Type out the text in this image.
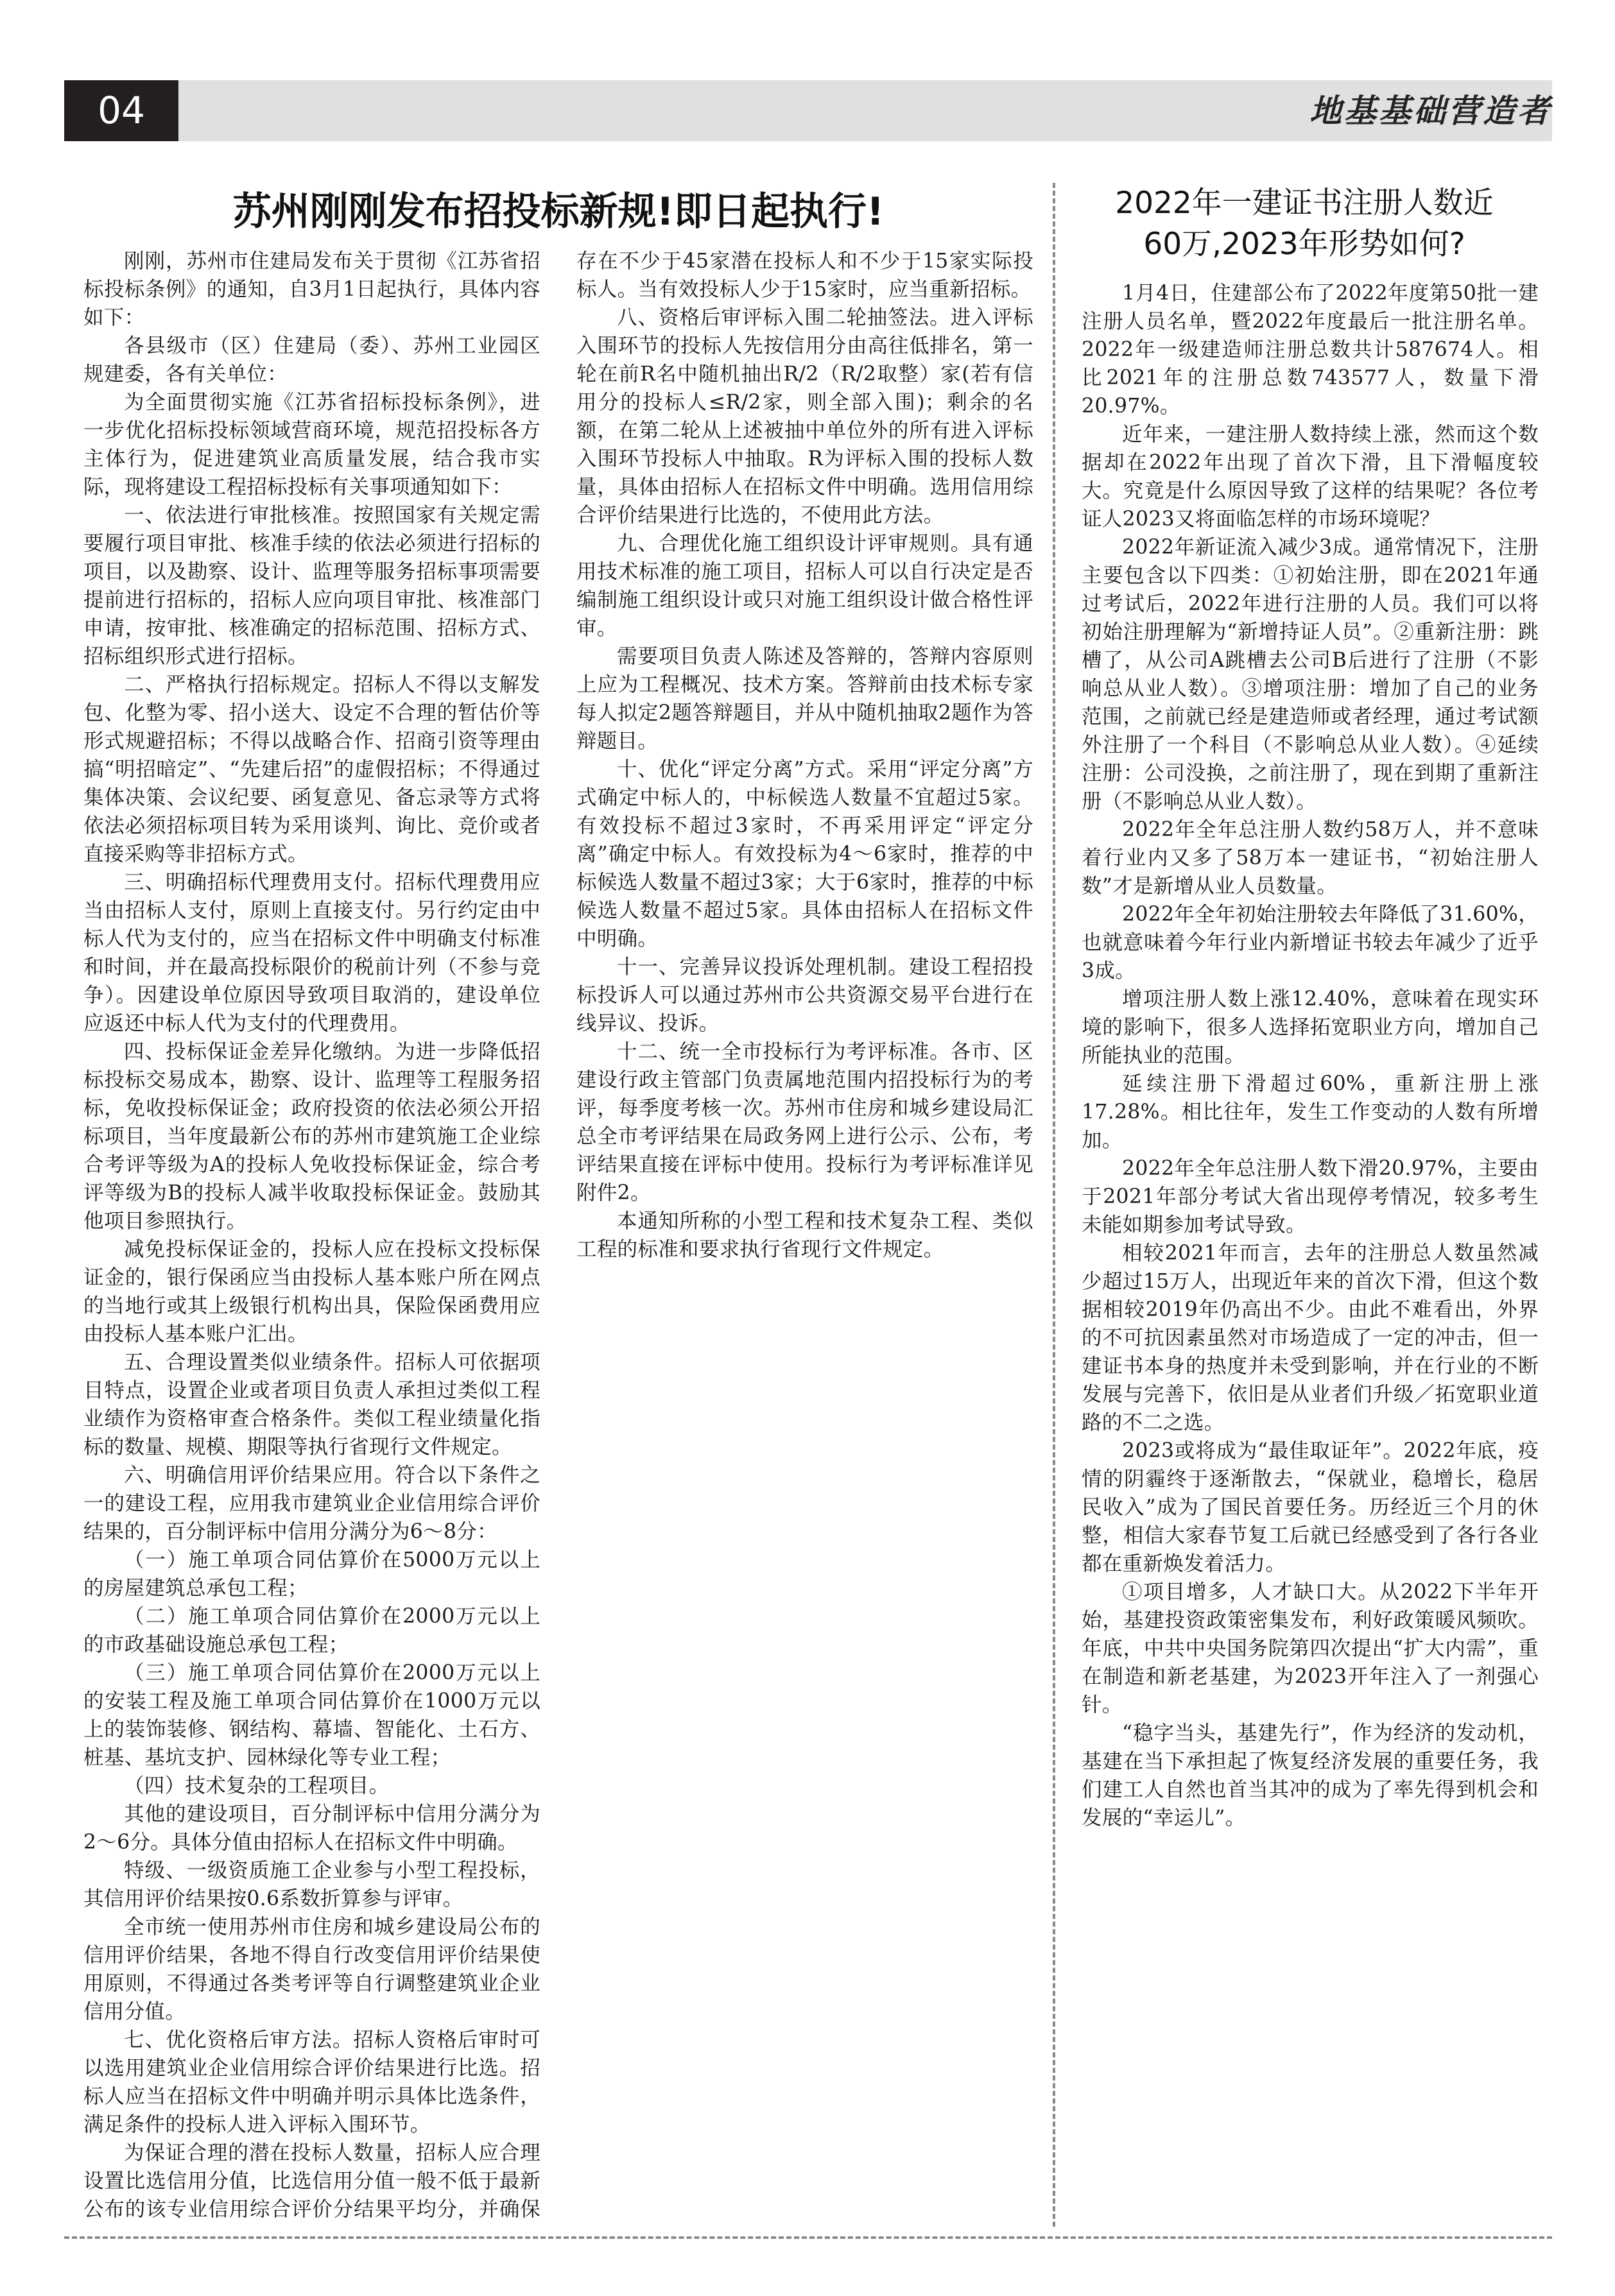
04	地基基础营造者
苏州刚刚发布招投标新规!即日起执行!

刚刚，苏州市住建局发布关于贯彻《江苏省招标投标条例》的通知，自3月1日起执行，具体内容如下：

各县级市（区）住建局（委）、苏州工业园区规建委，各有关单位：

为全面贯彻实施《江苏省招标投标条例》，进一步优化招标投标领域营商环境，规范招投标各方主体行为，促进建筑业高质量发展，结合我市实际，现将建设工程招标投标有关事项通知如下：

一、依法进行审批核准。按照国家有关规定需要履行项目审批、核准手续的依法必须进行招标的项目，以及勘察、设计、监理等服务招标事项需要提前进行招标的，招标人应向项目审批、核准部门申请，按审批、核准确定的招标范围、招标方式、招标组织形式进行招标。

二、严格执行招标规定。招标人不得以支解发包、化整为零、招小送大、设定不合理的暂估价等形式规避招标；不得以战略合作、招商引资等理由搞“明招暗定”、“先建后招”的虚假招标；不得通过集体决策、会议纪要、函复意见、备忘录等方式将依法必须招标项目转为采用谈判、询比、竞价或者直接采购等非招标方式。

三、明确招标代理费用支付。招标代理费用应当由招标人支付，原则上直接支付。另行约定由中标人代为支付的，应当在招标文件中明确支付标准和时间，并在最高投标限价的税前计列（不参与竞争）。因建设单位原因导致项目取消的，建设单位应返还中标人代为支付的代理费用。

四、投标保证金差异化缴纳。为进一步降低招标投标交易成本，勘察、设计、监理等工程服务招标，免收投标保证金；政府投资的依法必须公开招标项目，当年度最新公布的苏州市建筑施工企业综合考评等级为A的投标人免收投标保证金，综合考评等级为B的投标人减半收取投标保证金。鼓励其他项目参照执行。

减免投标保证金的，投标人应在投标文投标保证金的，银行保函应当由投标人基本账户所在网点的当地行或其上级银行机构出具，保险保函费用应由投标人基本账户汇出。

五、合理设置类似业绩条件。招标人可依据项目特点，设置企业或者项目负责人承担过类似工程业绩作为资格审查合格条件。类似工程业绩量化指标的数量、规模、期限等执行省现行文件规定。

六、明确信用评价结果应用。符合以下条件之一的建设工程，应用我市建筑业企业信用综合评价结果的，百分制评标中信用分满分为6～8分：

（一）施工单项合同估算价在5000万元以上的房屋建筑总承包工程；

（二）施工单项合同估算价在2000万元以上的市政基础设施总承包工程；

（三）施工单项合同估算价在2000万元以上的安装工程及施工单项合同估算价在1000万元以上的装饰装修、钢结构、幕墙、智能化、土石方、桩基、基坑支护、园林绿化等专业工程；

（四）技术复杂的工程项目。

其他的建设项目，百分制评标中信用分满分为2～6分。具体分值由招标人在招标文件中明确。

特级、一级资质施工企业参与小型工程投标，其信用评价结果按0.6系数折算参与评审。

全市统一使用苏州市住房和城乡建设局公布的信用评价结果，各地不得自行改变信用评价结果使用原则，不得通过各类考评等自行调整建筑业企业信用分值。

七、优化资格后审方法。招标人资格后审时可以选用建筑业企业信用综合评价结果进行比选。招标人应当在招标文件中明确并明示具体比选条件，满足条件的投标人进入评标入围环节。

为保证合理的潜在投标人数量，招标人应合理设置比选信用分值，比选信用分值一般不低于最新公布的该专业信用综合评价分结果平均分，并确保存在不少于45家潜在投标人和不少于15家实际投标人。当有效投标人少于15家时，应当重新招标。

八、资格后审评标入围二轮抽签法。进入评标入围环节的投标人先按信用分由高往低排名，第一轮在前R名中随机抽出R/2（R/2取整）家(若有信用分的投标人≤R/2家，则全部入围)；剩余的名额，在第二轮从上述被抽中单位外的所有进入评标入围环节投标人中抽取。R为评标入围的投标人数量，具体由招标人在招标文件中明确。选用信用综合评价结果进行比选的，不使用此方法。

九、合理优化施工组织设计评审规则。具有通用技术标准的施工项目，招标人可以自行决定是否编制施工组织设计或只对施工组织设计做合格性评审。

需要项目负责人陈述及答辩的，答辩内容原则上应为工程概况、技术方案。答辩前由技术标专家每人拟定2题答辩题目，并从中随机抽取2题作为答辩题目。

十、优化“评定分离”方式。采用“评定分离”方式确定中标人的，中标候选人数量不宜超过5家。有效投标不超过3家时，不再采用评定“评定分离”确定中标人。有效投标为4～6家时，推荐的中标候选人数量不超过3家；大于6家时，推荐的中标候选人数量不超过5家。具体由招标人在招标文件中明确。

十一、完善异议投诉处理机制。建设工程招投标投诉人可以通过苏州市公共资源交易平台进行在线异议、投诉。

十二、统一全市投标行为考评标准。各市、区建设行政主管部门负责属地范围内招投标行为的考评，每季度考核一次。苏州市住房和城乡建设局汇总全市考评结果在局政务网上进行公示、公布，考评结果直接在评标中使用。投标行为考评标准详见附件2。

本通知所称的小型工程和技术复杂工程、类似工程的标准和要求执行省现行文件规定。

2022年一建证书注册人数近
60万,2023年形势如何?

1月4日，住建部公布了2022年度第50批一建注册人员名单，暨2022年度最后一批注册名单。2022年一级建造师注册总数共计587674人。相比2021年的注册总数743577人，数量下滑20.97%。

近年来，一建注册人数持续上涨，然而这个数据却在2022年出现了首次下滑，且下滑幅度较大。究竟是什么原因导致了这样的结果呢？各位考证人2023又将面临怎样的市场环境呢？

2022年新证流入减少3成。通常情况下，注册主要包含以下四类：①初始注册，即在2021年通过考试后，2022年进行注册的人员。我们可以将初始注册理解为“新增持证人员”。②重新注册：跳槽了，从公司A跳槽去公司B后进行了注册（不影响总从业人数）。③增项注册：增加了自己的业务范围，之前就已经是建造师或者经理，通过考试额外注册了一个科目（不影响总从业人数）。④延续注册：公司没换，之前注册了，现在到期了重新注册（不影响总从业人数）。

2022年全年总注册人数约58万人，并不意味着行业内又多了58万本一建证书，“初始注册人数”才是新增从业人员数量。

2022年全年初始注册较去年降低了31.60%，也就意味着今年行业内新增证书较去年减少了近乎3成。

增项注册人数上涨12.40%，意味着在现实环境的影响下，很多人选择拓宽职业方向，增加自己所能执业的范围。

延续注册下滑超过60%，重新注册上涨17.28%。相比往年，发生工作变动的人数有所增加。

2022年全年总注册人数下滑20.97%，主要由于2021年部分考试大省出现停考情况，较多考生未能如期参加考试导致。

相较2021年而言，去年的注册总人数虽然减少超过15万人，出现近年来的首次下滑，但这个数据相较2019年仍高出不少。由此不难看出，外界的不可抗因素虽然对市场造成了一定的冲击，但一建证书本身的热度并未受到影响，并在行业的不断发展与完善下，依旧是从业者们升级／拓宽职业道路的不二之选。

2023或将成为“最佳取证年”。2022年底，疫情的阴霾终于逐渐散去，“保就业，稳增长，稳居民收入”成为了国民首要任务。历经近三个月的休整，相信大家春节复工后就已经感受到了各行各业都在重新焕发着活力。

①项目增多，人才缺口大。从2022下半年开始，基建投资政策密集发布，利好政策暖风频吹。年底，中共中央国务院第四次提出“扩大内需”，重在制造和新老基建，为2023开年注入了一剂强心针。

“稳字当头，基建先行”，作为经济的发动机，基建在当下承担起了恢复经济发展的重要任务，我们建工人自然也首当其冲的成为了率先得到机会和发展的“幸运儿”。
